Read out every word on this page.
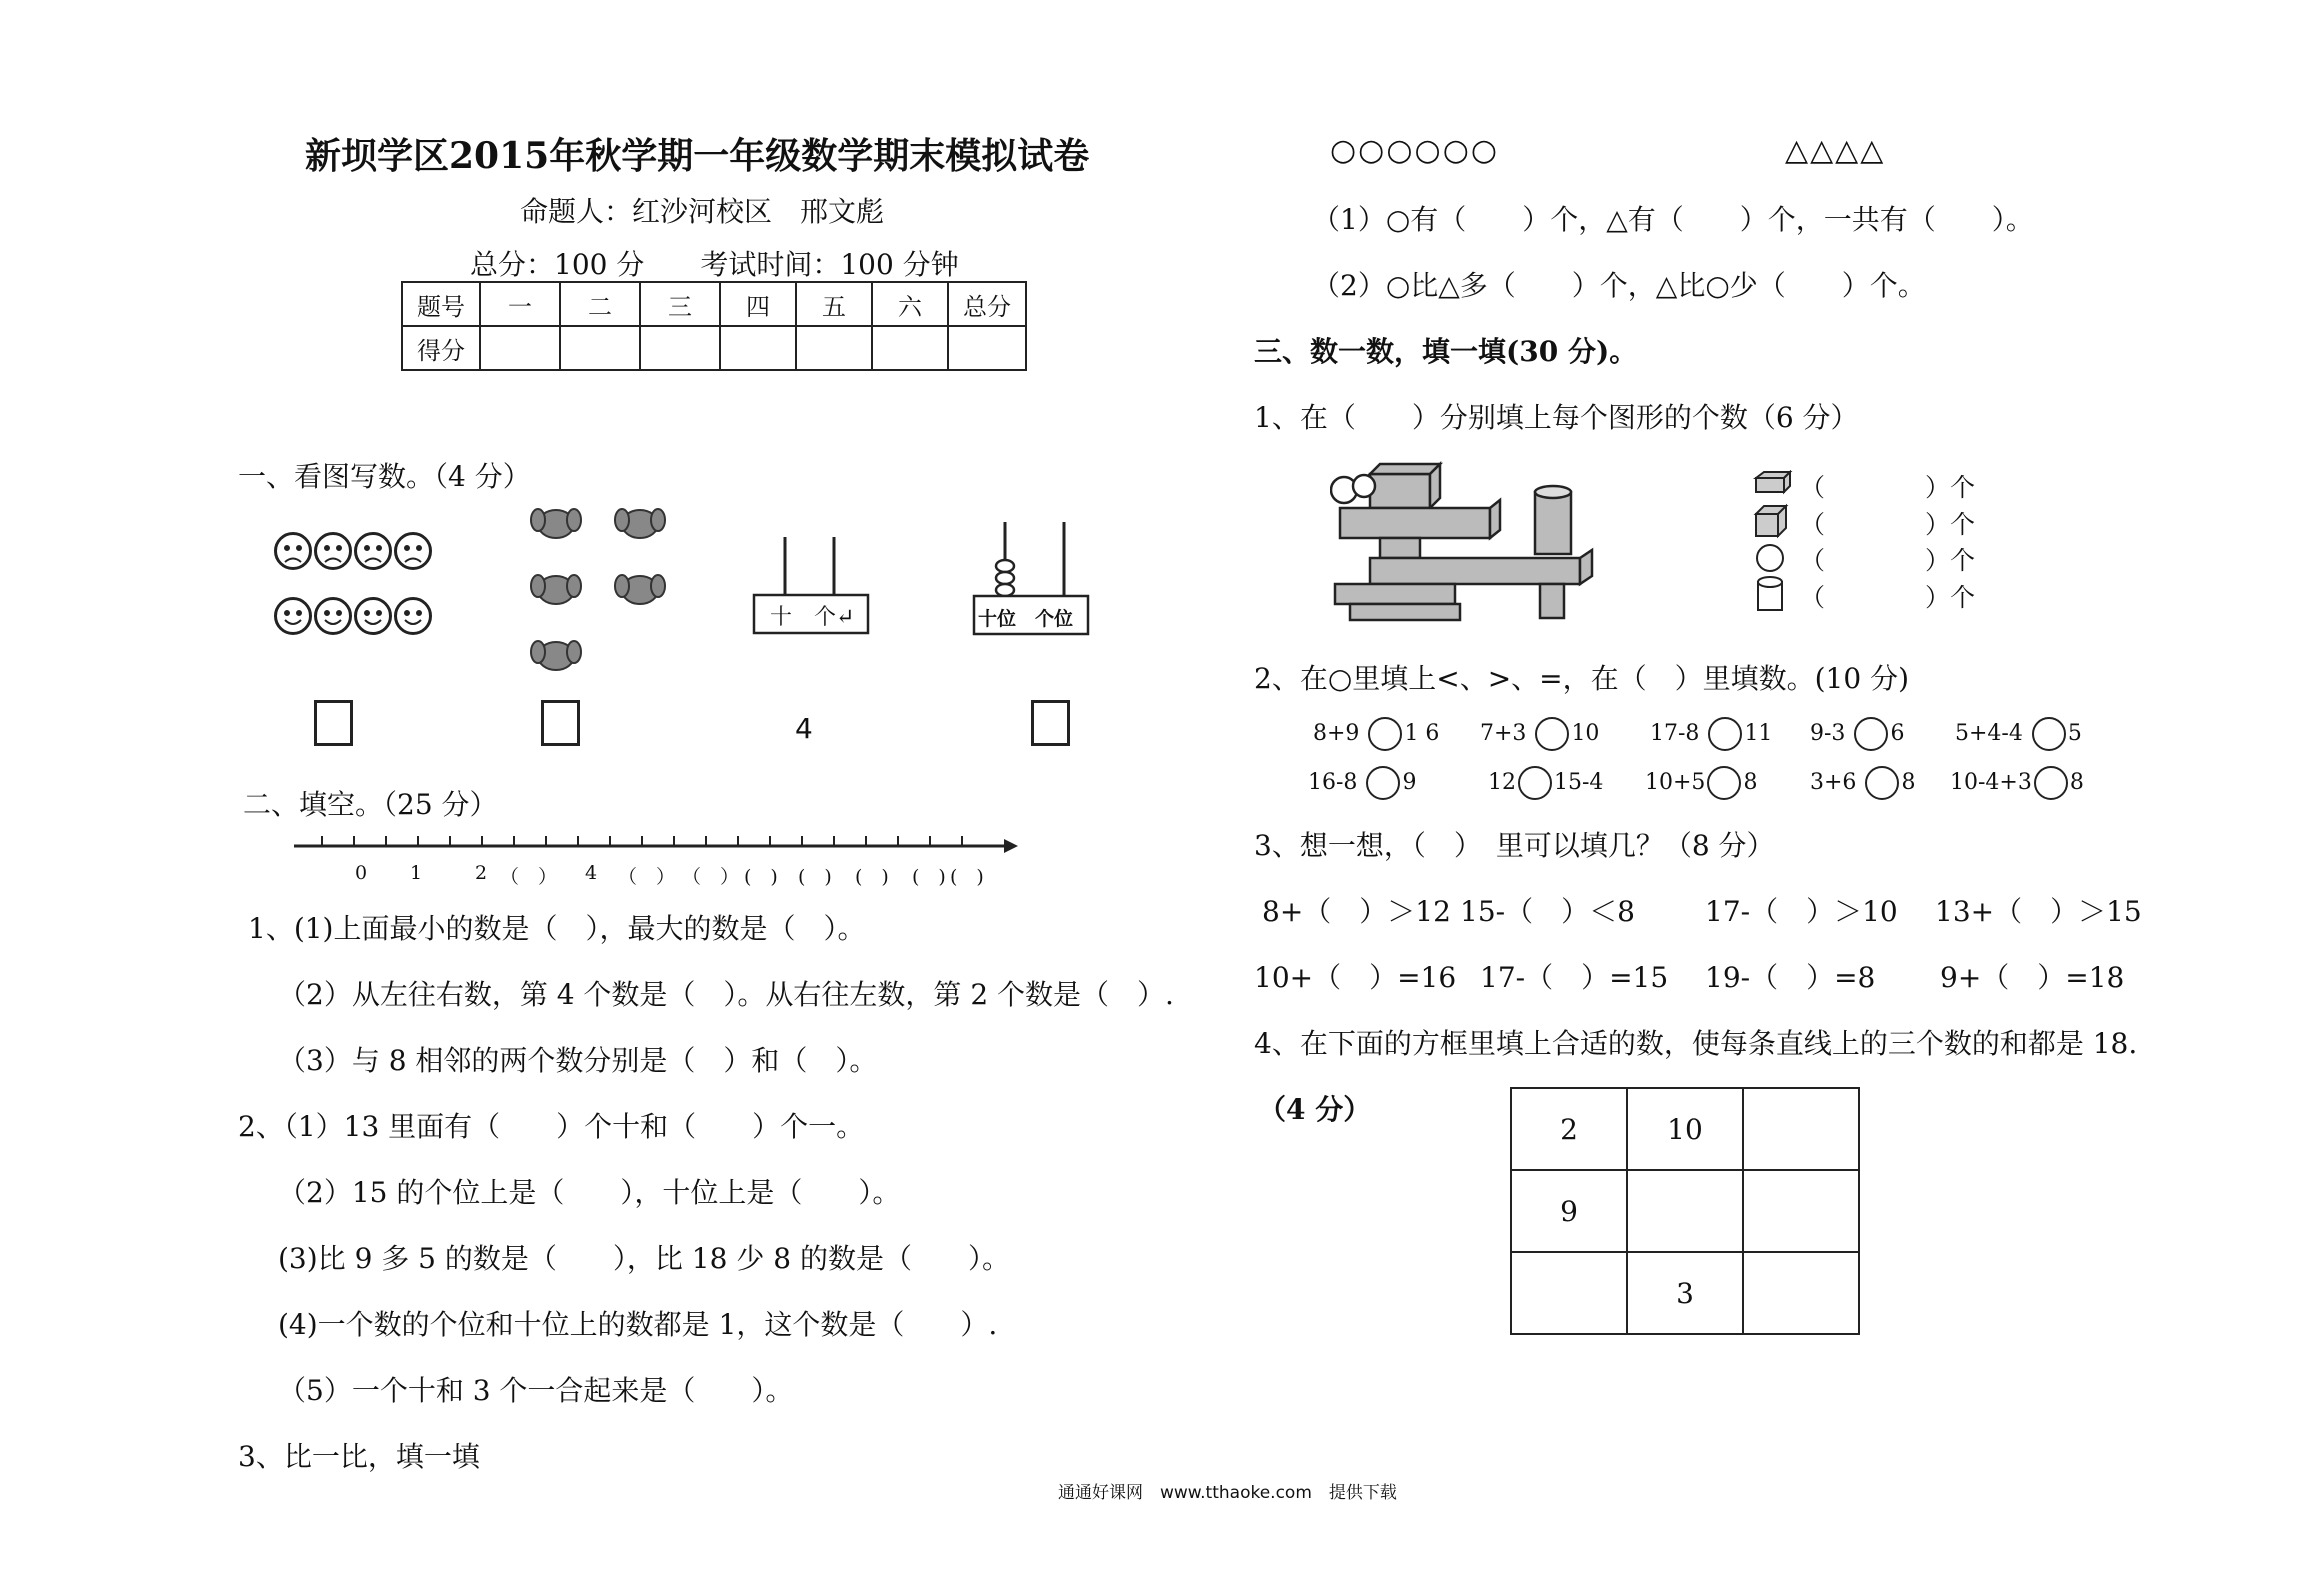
新坝学区2015年秋学期一年级数学期末模拟试卷
命题人：红沙河校区　邢文彪
总分：100 分　　考试时间：100 分钟
题号	一	二	三	四	五	六	总分
得分							
一、看图写数。（4 分）
十　个↵	十位　个位
4
二、填空。（25 分）
0 1	2 （　） 4 （　） （　） (　) (　) (　) (　) (　)
1、(1)上面最小的数是（　），最大的数是（　）。
（2）从左往右数，第 4 个数是（　）。从右往左数，第 2 个数是（　）.
（3）与 8 相邻的两个数分别是（　）和（　）。
2、（1）13 里面有（　　）个十和（　　）个一。
（2）15 的个位上是（　　），十位上是（　　）。
(3)比 9 多 5 的数是（　　），比 18 少 8 的数是（　　）。
(4)一个数的个位和十位上的数都是 1，这个数是（　　）.
（5）一个十和 3 个一合起来是（　　）。
3、比一比，填一填
○○○○○○	△△△△
（1）○有（　　）个，△有（　　）个，一共有（　　）。
（2）○比△多（　　）个，△比○少（　　）个。
三、数一数，填一填(30 分)。
1、在（　　）分别填上每个图形的个数（6 分）
（　　　　）个
（　　　　）个
（　　　　）个
（　　　　）个
2、在○里填上<、>、=，在（　）里填数。(10 分)
8+9 1 6 7+3 10 17-8 11 9-3 6 5+4-4 5
16-8 9	12 15-4 10+5 8 3+6 8 10-4+3 8
3、想一想，（　）　里可以填几？（8 分）
8+（　）＞12 15-（　）＜8	17-（　）＞10 13+（　）＞15
10+（　）=16 17-（　）=15 19-（　）=8 9+（　）=18
4、在下面的方框里填上合适的数，使每条直线上的三个数的和都是 18.
（4 分）
2	10	
9		
	3	
通通好课网　www.tthaoke.com　提供下载
